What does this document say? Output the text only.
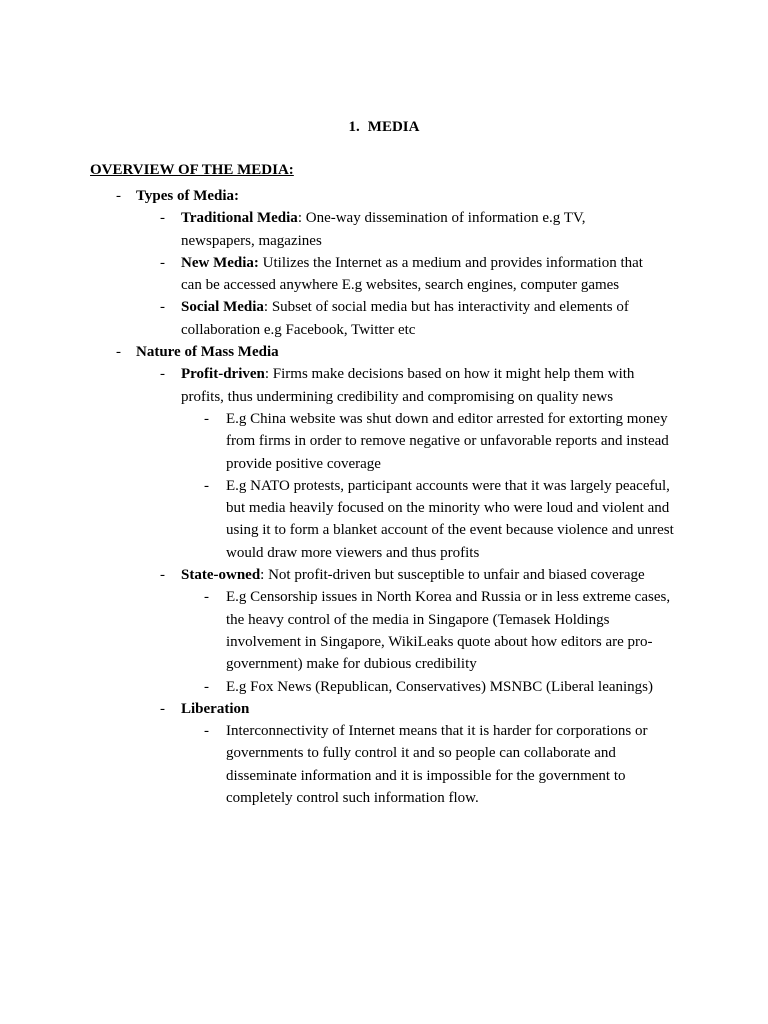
1. MEDIA
OVERVIEW OF THE MEDIA:
- Types of Media:
- Traditional Media: One-way dissemination of information e.g TV, newspapers, magazines
- New Media: Utilizes the Internet as a medium and provides information that can be accessed anywhere E.g websites, search engines, computer games
- Social Media: Subset of social media but has interactivity and elements of collaboration e.g Facebook, Twitter etc
- Nature of Mass Media
- Profit-driven: Firms make decisions based on how it might help them with profits, thus undermining credibility and compromising on quality news
- E.g China website was shut down and editor arrested for extorting money from firms in order to remove negative or unfavorable reports and instead provide positive coverage
- E.g NATO protests, participant accounts were that it was largely peaceful, but media heavily focused on the minority who were loud and violent and using it to form a blanket account of the event because violence and unrest would draw more viewers and thus profits
- State-owned: Not profit-driven but susceptible to unfair and biased coverage
- E.g Censorship issues in North Korea and Russia or in less extreme cases, the heavy control of the media in Singapore (Temasek Holdings involvement in Singapore, WikiLeaks quote about how editors are pro-government) make for dubious credibility
- E.g Fox News (Republican, Conservatives) MSNBC (Liberal leanings)
- Liberation
- Interconnectivity of Internet means that it is harder for corporations or governments to fully control it and so people can collaborate and disseminate information and it is impossible for the government to completely control such information flow.
